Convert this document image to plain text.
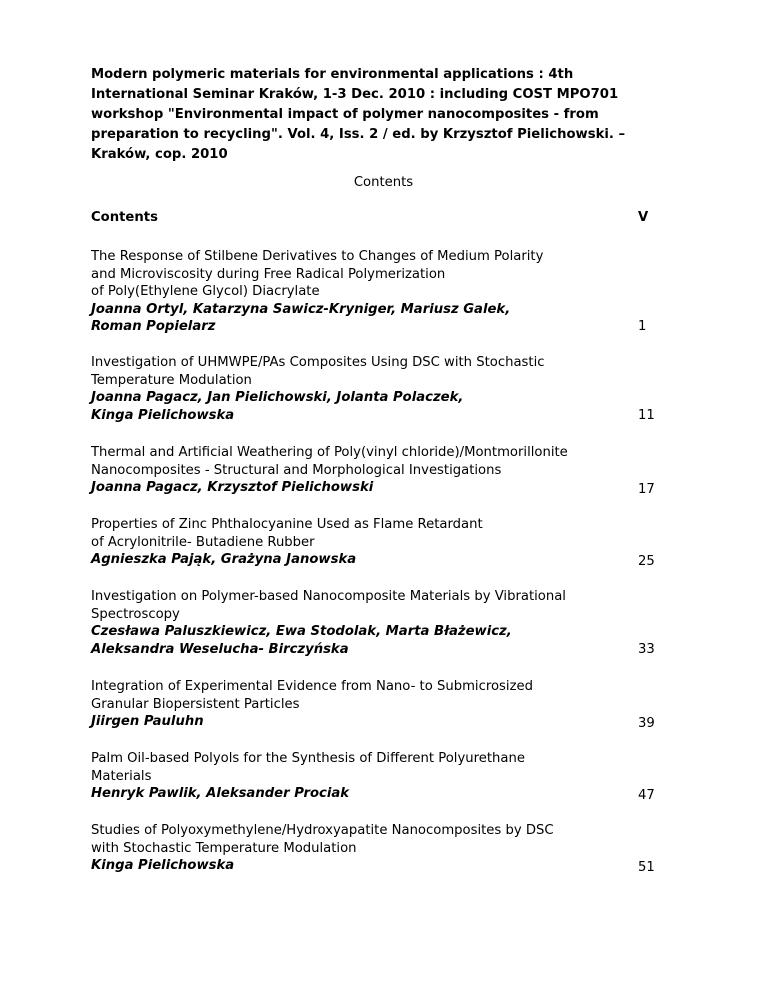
Modern polymeric materials for environmental applications : 4th
International Seminar Kraków, 1-3 Dec. 2010 : including COST MPO701
workshop "Environmental impact of polymer nanocomposites - from
preparation to recycling". Vol. 4, Iss. 2 / ed. by Krzysztof Pielichowski. –
Kraków, cop. 2010
Contents
Contents	V
The Response of Stilbene Derivatives to Changes of Medium Polarity
and Microviscosity during Free Radical Polymerization
of Poly(Ethylene Glycol) Diacrylate
Joanna Ortyl, Katarzyna Sawicz-Kryniger, Mariusz Galek,
Roman Popielarz	1
Investigation of UHMWPE/PAs Composites Using DSC with Stochastic
Temperature Modulation
Joanna Pagacz, Jan Pielichowski, Jolanta Polaczek,
Kinga Pielichowska	11
Thermal and Artificial Weathering of Poly(vinyl chloride)/Montmorillonite
Nanocomposites - Structural and Morphological Investigations
Joanna Pagacz, Krzysztof Pielichowski	17
Properties of Zinc Phthalocyanine Used as Flame Retardant
of Acrylonitrile- Butadiene Rubber
Agnieszka Pająk, Grażyna Janowska	25
Investigation on Polymer-based Nanocomposite Materials by Vibrational
Spectroscopy
Czesława Paluszkiewicz, Ewa Stodolak, Marta Błażewicz,
Aleksandra Weselucha- Birczyńska	33
Integration of Experimental Evidence from Nano- to Submicrosized
Granular Biopersistent Particles
Jiirgen Pauluhn	39
Palm Oil-based Polyols for the Synthesis of Different Polyurethane
Materials
Henryk Pawlik, Aleksander Prociak	47
Studies of Polyoxymethylene/Hydroxyapatite Nanocomposites by DSC
with Stochastic Temperature Modulation
Kinga Pielichowska	51
